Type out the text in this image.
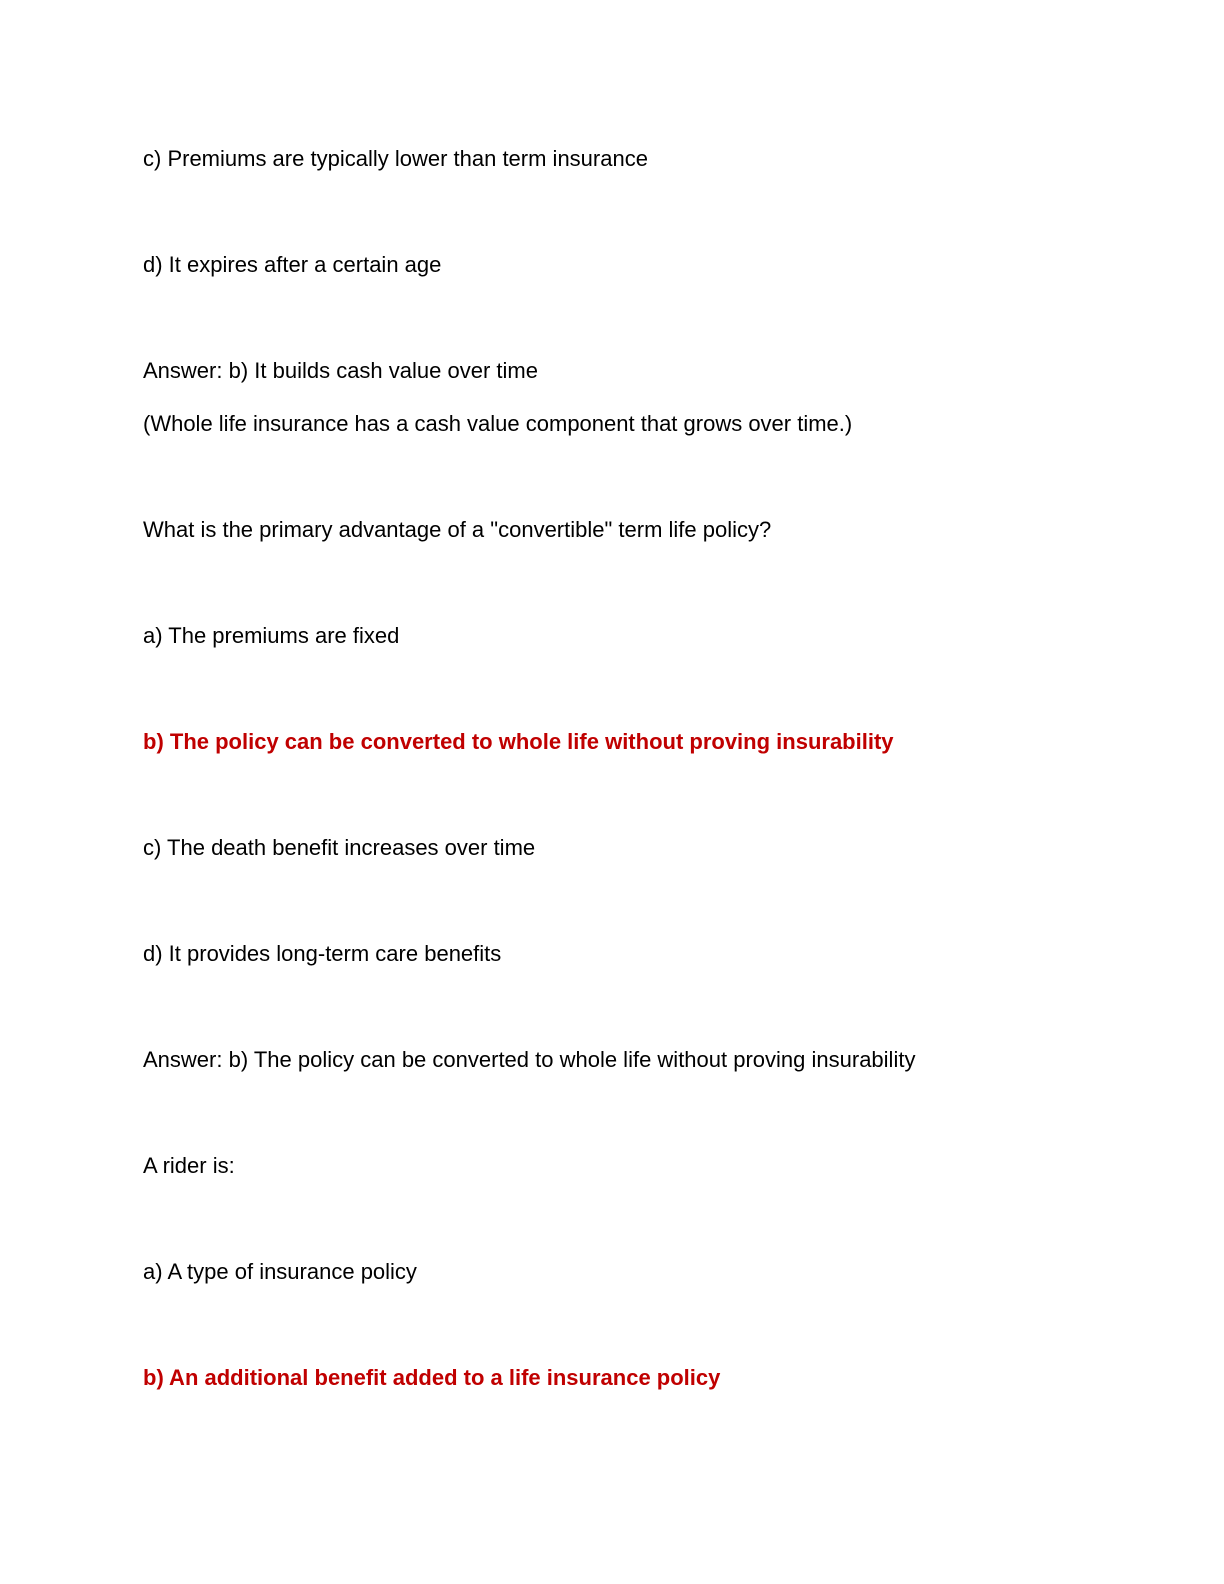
c) Premiums are typically lower than term insurance

d) It expires after a certain age

Answer: b) It builds cash value over time

(Whole life insurance has a cash value component that grows over time.)

What is the primary advantage of a "convertible" term life policy?

a) The premiums are fixed

b) The policy can be converted to whole life without proving insurability

c) The death benefit increases over time

d) It provides long-term care benefits

Answer: b) The policy can be converted to whole life without proving insurability

A rider is:

a) A type of insurance policy

b) An additional benefit added to a life insurance policy
